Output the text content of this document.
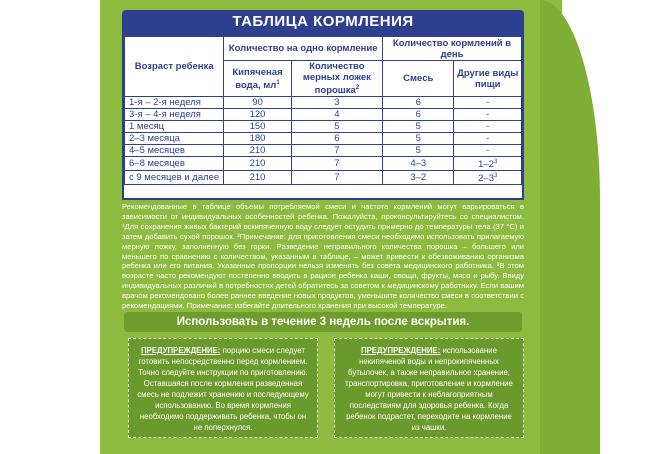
ТАБЛИЦА КОРМЛЕНИЯ
Возраст ребенка	Количество на одно кормление		Количество кормлений в день	
	Кипяченая вода, $мл^1$	Количество мерных ложек порошка$^2$	Смесь	Другие виды пищи
1-я – 2-я неделя	90	3	6	-
3-я – 4-я неделя	120	4	6	-
1 месяц	150	5	5	-
2–3 месяца	180	6	5	-
4–5 месяцев	210	7	5	-
6–8 месяцев	210	7	4–3	$1-2^3$
с 9 месяцев и далее	210	7	3–2	$2-3^3$
Рекомендованные в таблице объемы потребляемой смеси и частота кормлений могут варьироваться в зависимости от индивидуальных особенностей ребенка. Пожалуйста, проконсультируйтесь со специалистом. ¹Для сохранения живых бактерий вскипяченную воду следует остудить примерно до температуры тела (37 °С) и затем добавить сухой порошок. ²Примечание: для приготовления смеси необходимо использовать прилагаемую мерную ложку, заполненную без горки. Разведение неправильного количества порошка – большего или меньшего по сравнению с количеством, указанным в таблице, – может привести к обезвоживанию организма ребенка или его питания. Указанные пропорции нельзя изменять без совета медицинского работника. ³В этом возрасте часто рекомендуют постепенно вводить в рацион ребенка каши, овощи, фрукты, мясо и рыбу. Ввиду индивидуальных различий в потребностях детей обратитесь за советом к медицинскому работнику. Если вашим врачом рекомендовано более раннее введение новых продуктов, уменьшите количество смеси в соответствии с рекомендациями. Примечание: избегайте длительного хранения при высокой температуре.
Использовать в течение 3 недель после вскрытия.
ПРЕДУПРЕЖДЕНИЕ: порцию смеси следует готовить непосредственно перед кормлением. Точно следуйте инструкции по приготовлению. Оставшаяся после кормления разведенная смесь не подлежит хранению и последующему использованию. Во время кормления необходимо поддерживать ребенка, чтобы он не поперхнулся.
ПРЕДУПРЕЖДЕНИЕ: использование некипяченой воды и непрокипяченных бутылочек, а также неправильное хранение, транспортировка, приготовление и кормление могут привести к неблагоприятным последствиям для здоровья ребенка. Когда ребенок подрастет, переходите на кормление из чашки.
